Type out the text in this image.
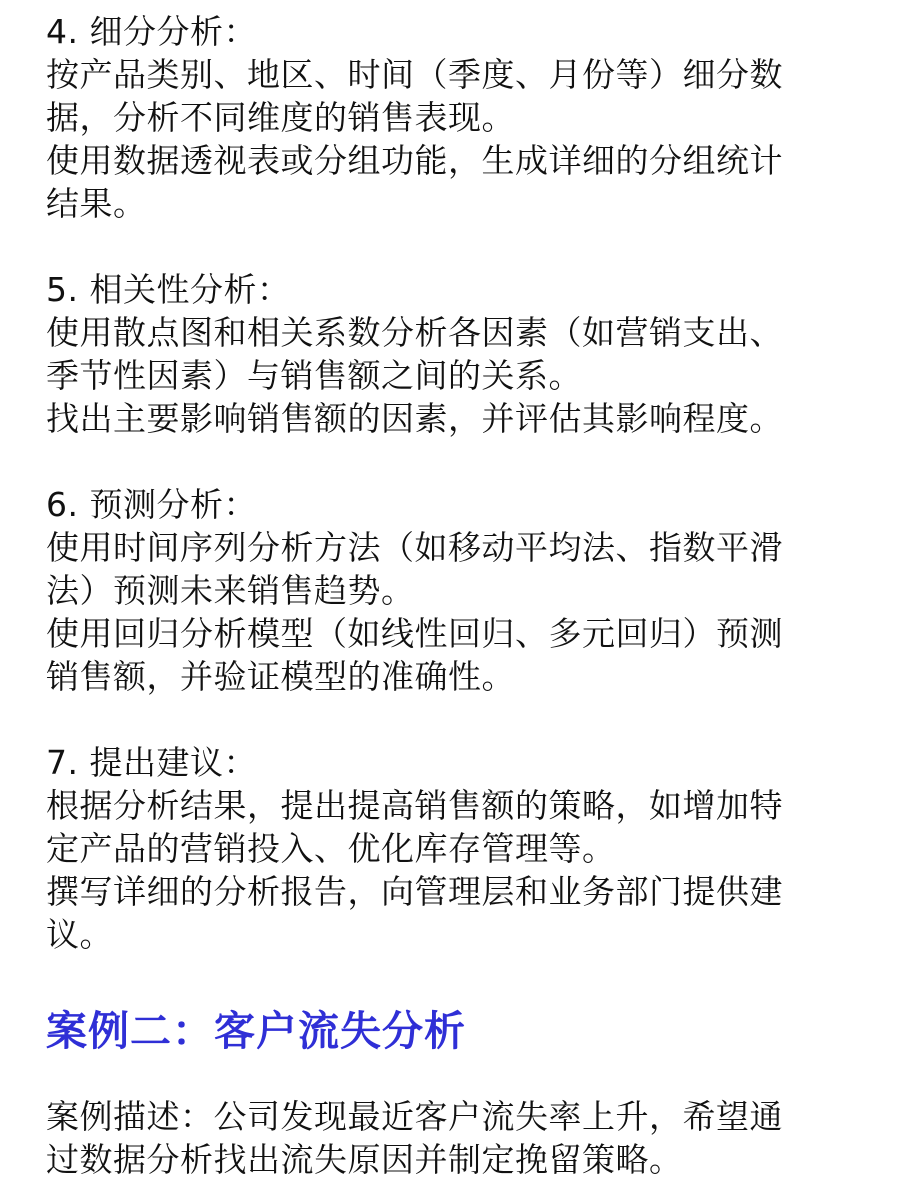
4. 细分分析：
按产品类别、地区、时间（季度、月份等）细分数
据，分析不同维度的销售表现。
使用数据透视表或分组功能，生成详细的分组统计
结果。
5. 相关性分析：
使用散点图和相关系数分析各因素（如营销支出、
季节性因素）与销售额之间的关系。
找出主要影响销售额的因素，并评估其影响程度。
6. 预测分析：
使用时间序列分析方法（如移动平均法、指数平滑
法）预测未来销售趋势。
使用回归分析模型（如线性回归、多元回归）预测
销售额，并验证模型的准确性。
7. 提出建议：
根据分析结果，提出提高销售额的策略，如增加特
定产品的营销投入、优化库存管理等。
撰写详细的分析报告，向管理层和业务部门提供建
议。
案例二：客户流失分析
案例描述：公司发现最近客户流失率上升，希望通
过数据分析找出流失原因并制定挽留策略。
